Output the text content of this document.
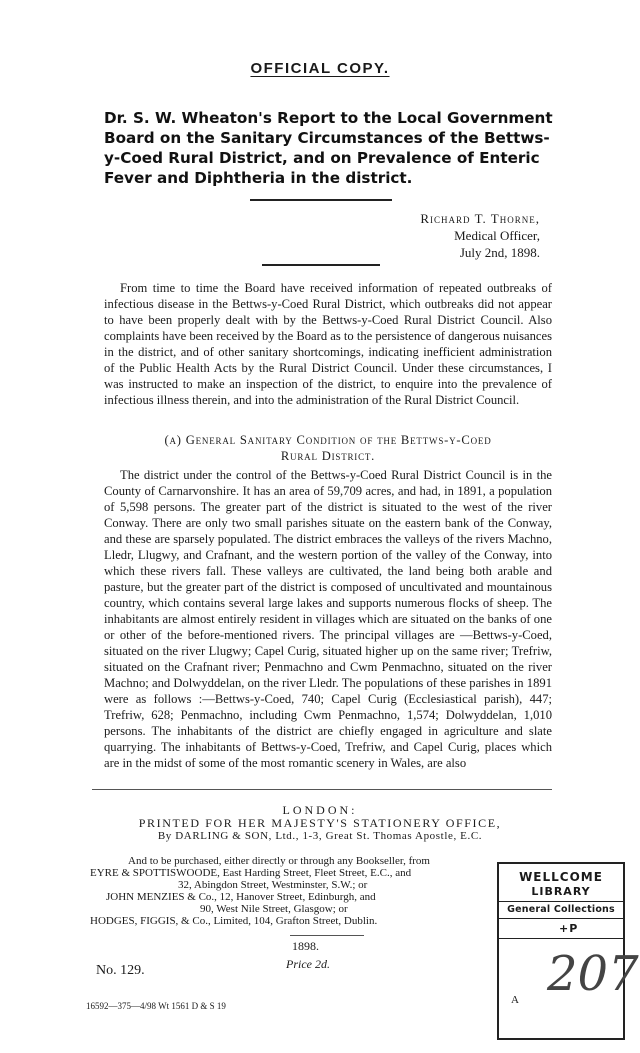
OFFICIAL COPY.
Dr. S. W. Wheaton's Report to the Local Government Board on the Sanitary Circumstances of the Bettws-y-Coed Rural District, and on Prevalence of Enteric Fever and Diphtheria in the district.
Richard T. Thorne,
Medical Officer,
July 2nd, 1898.

From time to time the Board have received information of repeated outbreaks of infectious disease in the Bettws-y-Coed Rural District, which outbreaks did not appear to have been properly dealt with by the Bettws-y-Coed Rural District Council. Also complaints have been received by the Board as to the persistence of dangerous nuisances in the district, and of other sanitary shortcomings, indicating inefficient administration of the Public Health Acts by the Rural District Council. Under these circumstances, I was instructed to make an inspection of the district, to enquire into the prevalence of infectious illness therein, and into the administration of the Rural District Council.

(a) General Sanitary Condition of the Bettws-y-Coed
Rural District.

The district under the control of the Bettws-y-Coed Rural District Council is in the County of Carnarvonshire. It has an area of 59,709 acres, and had, in 1891, a population of 5,598 persons. The greater part of the district is situated to the west of the river Conway. There are only two small parishes situate on the eastern bank of the Conway, and these are sparsely populated. The district embraces the valleys of the rivers Machno, Lledr, Llugwy, and Crafnant, and the western portion of the valley of the Conway, into which these rivers fall. These valleys are cultivated, the land being both arable and pasture, but the greater part of the district is composed of uncultivated and mountainous country, which contains several large lakes and supports numerous flocks of sheep. The inhabitants are almost entirely resident in villages which are situated on the banks of one or other of the before-mentioned rivers. The principal villages are —Bettws-y-Coed, situated on the river Llugwy; Capel Curig, situated higher up on the same river; Trefriw, situated on the Crafnant river; Penmachno and Cwm Penmachno, situated on the river Machno; and Dolwyddelan, on the river Lledr. The populations of these parishes in 1891 were as follows :—Bettws-y-Coed, 740; Capel Curig (Ecclesiastical parish), 447; Trefriw, 628; Penmachno, including Cwm Penmachno, 1,574; Dolwyddelan, 1,010 persons. The inhabitants of the district are chiefly engaged in agriculture and slate quarrying. The inhabitants of Bettws-y-Coed, Trefriw, and Capel Curig, places which are in the midst of some of the most romantic scenery in Wales, are also

LONDON:
PRINTED FOR HER MAJESTY'S STATIONERY OFFICE,
By DARLING & SON, Ltd., 1-3, Great St. Thomas Apostle, E.C.
And to be purchased, either directly or through any Bookseller, from
EYRE & SPOTTISWOODE, East Harding Street, Fleet Street, E.C., and
32, Abingdon Street, Westminster, S.W.; or
JOHN MENZIES & Co., 12, Hanover Street, Edinburgh, and
90, West Nile Street, Glasgow; or
HODGES, FIGGIS, & Co., Limited, 104, Grafton Street, Dublin.
1898.
Price 2d.
No. 129.
16592—375—4/98 Wt 1561 D & S 19
WELLCOME
LIBRARY
General Collections
+P
207
A
